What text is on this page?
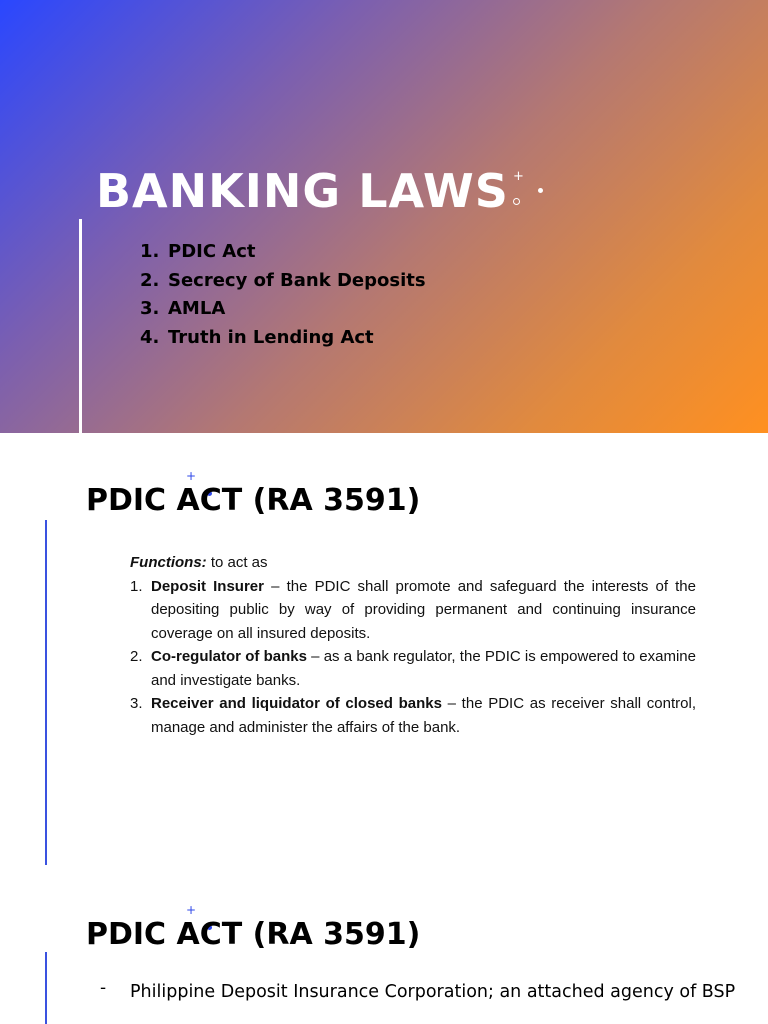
BANKING LAWS +
1. PDIC Act
2. Secrecy of Bank Deposits
3. AMLA
4. Truth in Lending Act
+
PDIC ACT (RA 3591)

Functions: to act as

1. Deposit Insurer – the PDIC shall promote and safeguard the interests of the depositing public by way of providing permanent and continuing insurance coverage on all insured deposits.
2. Co-regulator of banks – as a bank regulator, the PDIC is empowered to examine and investigate banks.
3. Receiver and liquidator of closed banks – the PDIC as receiver shall control, manage and administer the affairs of the bank.
+
PDIC ACT (RA 3591)
- Philippine Deposit Insurance Corporation; an attached agency of BSP
